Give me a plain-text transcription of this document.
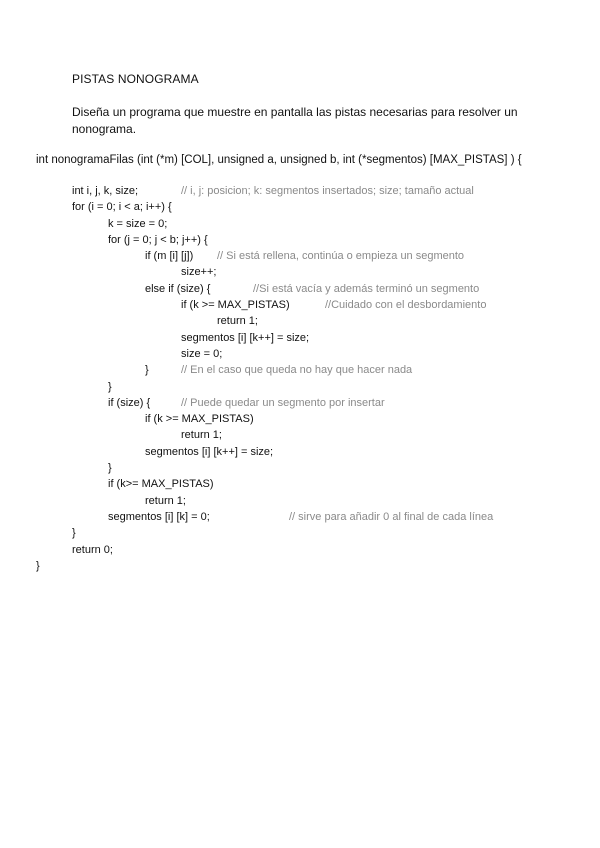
PISTAS NONOGRAMA
Diseña un programa que muestre en pantalla las pistas necesarias para resolver un
nonograma.
int nonogramaFilas (int (*m) [COL], unsigned a, unsigned b, int (*segmentos) [MAX_PISTAS] ) {
int i, j, k, size;	// i, j: posicion; k: segmentos insertados; size; tamaño actual
for (i = 0; i < a; i++) {
k = size = 0;
for (j = 0; j < b; j++) {
if (m [i] [j]) // Si está rellena, continúa o empieza un segmento
size++;
else if (size) {	//Si está vacía y además terminó un segmento
if (k >= MAX_PISTAS)	//Cuidado con el desbordamiento
return 1;
segmentos [i] [k++] = size;
size = 0;
}	// En el caso que queda no hay que hacer nada
}
if (size) {	// Puede quedar un segmento por insertar
if (k >= MAX_PISTAS)
return 1;
segmentos [i] [k++] = size;
}
if (k>= MAX_PISTAS)
return 1;
segmentos [i] [k] = 0;	// sirve para añadir 0 al final de cada línea
}
return 0;
}
